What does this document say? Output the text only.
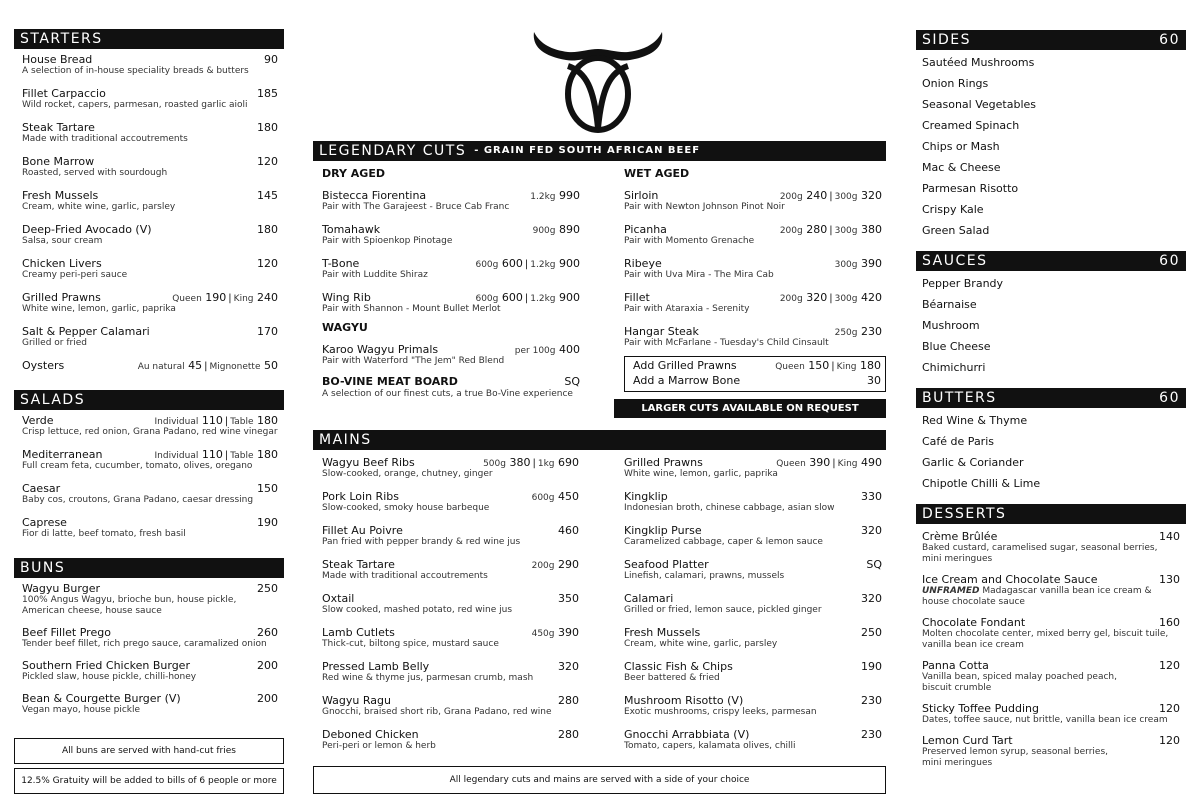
STARTERS
House Bread
A selection of in-house speciality breads & butters
90
Fillet Carpaccio
Wild rocket, capers, parmesan, roasted garlic aioli
185
Steak Tartare
Made with traditional accoutrements
180
Bone Marrow
Roasted, served with sourdough
120
Fresh Mussels
Cream, white wine, garlic, parsley
145
Deep-Fried Avocado (V)
Salsa, sour cream
180
Chicken Livers
Creamy peri-peri sauce
120
Grilled Prawns
White wine, lemon, garlic, paprika
Queen 190 | King 240
Salt & Pepper Calamari
Grilled or fried
170
Oysters	Au natural 45 | Mignonette 50
SALADS
Verde
Crisp lettuce, red onion, Grana Padano, red wine vinegar
Individual 110 | Table 180
Mediterranean
Full cream feta, cucumber, tomato, olives, oregano
Individual 110 | Table 180
Caesar
Baby cos, croutons, Grana Padano, caesar dressing
150
Caprese
Fior di latte, beef tomato, fresh basil
190
BUNS
Wagyu Burger
100% Angus Wagyu, brioche bun, house pickle,
American cheese, house sauce
250
Beef Fillet Prego
Tender beef fillet, rich prego sauce, caramalized onion
260
Southern Fried Chicken Burger
Pickled slaw, house pickle, chilli-honey
200
Bean & Courgette Burger (V)
Vegan mayo, house pickle
200
All buns are served with hand-cut fries
12.5% Gratuity will be added to bills of 6 people or more
LEGENDARY CUTS - GRAIN FED SOUTH AFRICAN BEEF
DRY AGED
Bistecca Fiorentina
Pair with The Garajeest - Bruce Cab Franc
1.2kg 990
Tomahawk
Pair with Spioenkop Pinotage
900g 890
T-Bone
Pair with Luddite Shiraz
600g 600 | 1.2kg 900
Wing Rib
Pair with Shannon - Mount Bullet Merlot
600g 600 | 1.2kg 900
WAGYU
Karoo Wagyu Primals
Pair with Waterford "The Jem" Red Blend
per 100g 400
BO-VINE MEAT BOARD
A selection of our finest cuts, a true Bo-Vine experience
SQ
WET AGED
Sirloin
Pair with Newton Johnson Pinot Noir
200g 240 | 300g 320
Picanha
Pair with Momento Grenache
200g 280 | 300g 380
Ribeye
Pair with Uva Mira - The Mira Cab
300g 390
Fillet
Pair with Ataraxia - Serenity
200g 320 | 300g 420
Hangar Steak
Pair with McFarlane - Tuesday's Child Cinsault
250g 230
Add Grilled Prawns	Queen 150 | King 180
Add a Marrow Bone	30
LARGER CUTS AVAILABLE ON REQUEST
MAINS
Wagyu Beef Ribs
Slow-cooked, orange, chutney, ginger
500g 380 | 1kg 690
Pork Loin Ribs
Slow-cooked, smoky house barbeque
600g 450
Fillet Au Poivre
Pan fried with pepper brandy & red wine jus
460
Steak Tartare
Made with traditional accoutrements
200g 290
Oxtail
Slow cooked, mashed potato, red wine jus
350
Lamb Cutlets
Thick-cut, biltong spice, mustard sauce
450g 390
Pressed Lamb Belly
Red wine & thyme jus, parmesan crumb, mash
320
Wagyu Ragu
Gnocchi, braised short rib, Grana Padano, red wine
280
Deboned Chicken
Peri-peri or lemon & herb
280
Grilled Prawns
White wine, lemon, garlic, paprika
Queen 390 | King 490
Kingklip
Indonesian broth, chinese cabbage, asian slow
330
Kingklip Purse
Caramelized cabbage, caper & lemon sauce
320
Seafood Platter
Linefish, calamari, prawns, mussels
SQ
Calamari
Grilled or fried, lemon sauce, pickled ginger
320
Fresh Mussels
Cream, white wine, garlic, parsley
250
Classic Fish & Chips
Beer battered & fried
190
Mushroom Risotto (V)
Exotic mushrooms, crispy leeks, parmesan
230
Gnocchi Arrabbiata (V)
Tomato, capers, kalamata olives, chilli
230
All legendary cuts and mains are served with a side of your choice
SIDES	60
Sautéed Mushrooms
Onion Rings
Seasonal Vegetables
Creamed Spinach
Chips or Mash
Mac & Cheese
Parmesan Risotto
Crispy Kale
Green Salad
SAUCES	60
Pepper Brandy
Béarnaise
Mushroom
Blue Cheese
Chimichurri
BUTTERS	60
Red Wine & Thyme
Café de Paris
Garlic & Coriander
Chipotle Chilli & Lime
DESSERTS
Crème Brûlée
Baked custard, caramelised sugar, seasonal berries,
mini meringues
140
Ice Cream and Chocolate Sauce
UNFRAMED Madagascar vanilla bean ice cream &
house chocolate sauce
130
Chocolate Fondant
Molten chocolate center, mixed berry gel, biscuit tuile,
vanilla bean ice cream
160
Panna Cotta
Vanilla bean, spiced malay poached peach,
biscuit crumble
120
Sticky Toffee Pudding
Dates, toffee sauce, nut brittle, vanilla bean ice cream
120
Lemon Curd Tart
Preserved lemon syrup, seasonal berries,
mini meringues
120
